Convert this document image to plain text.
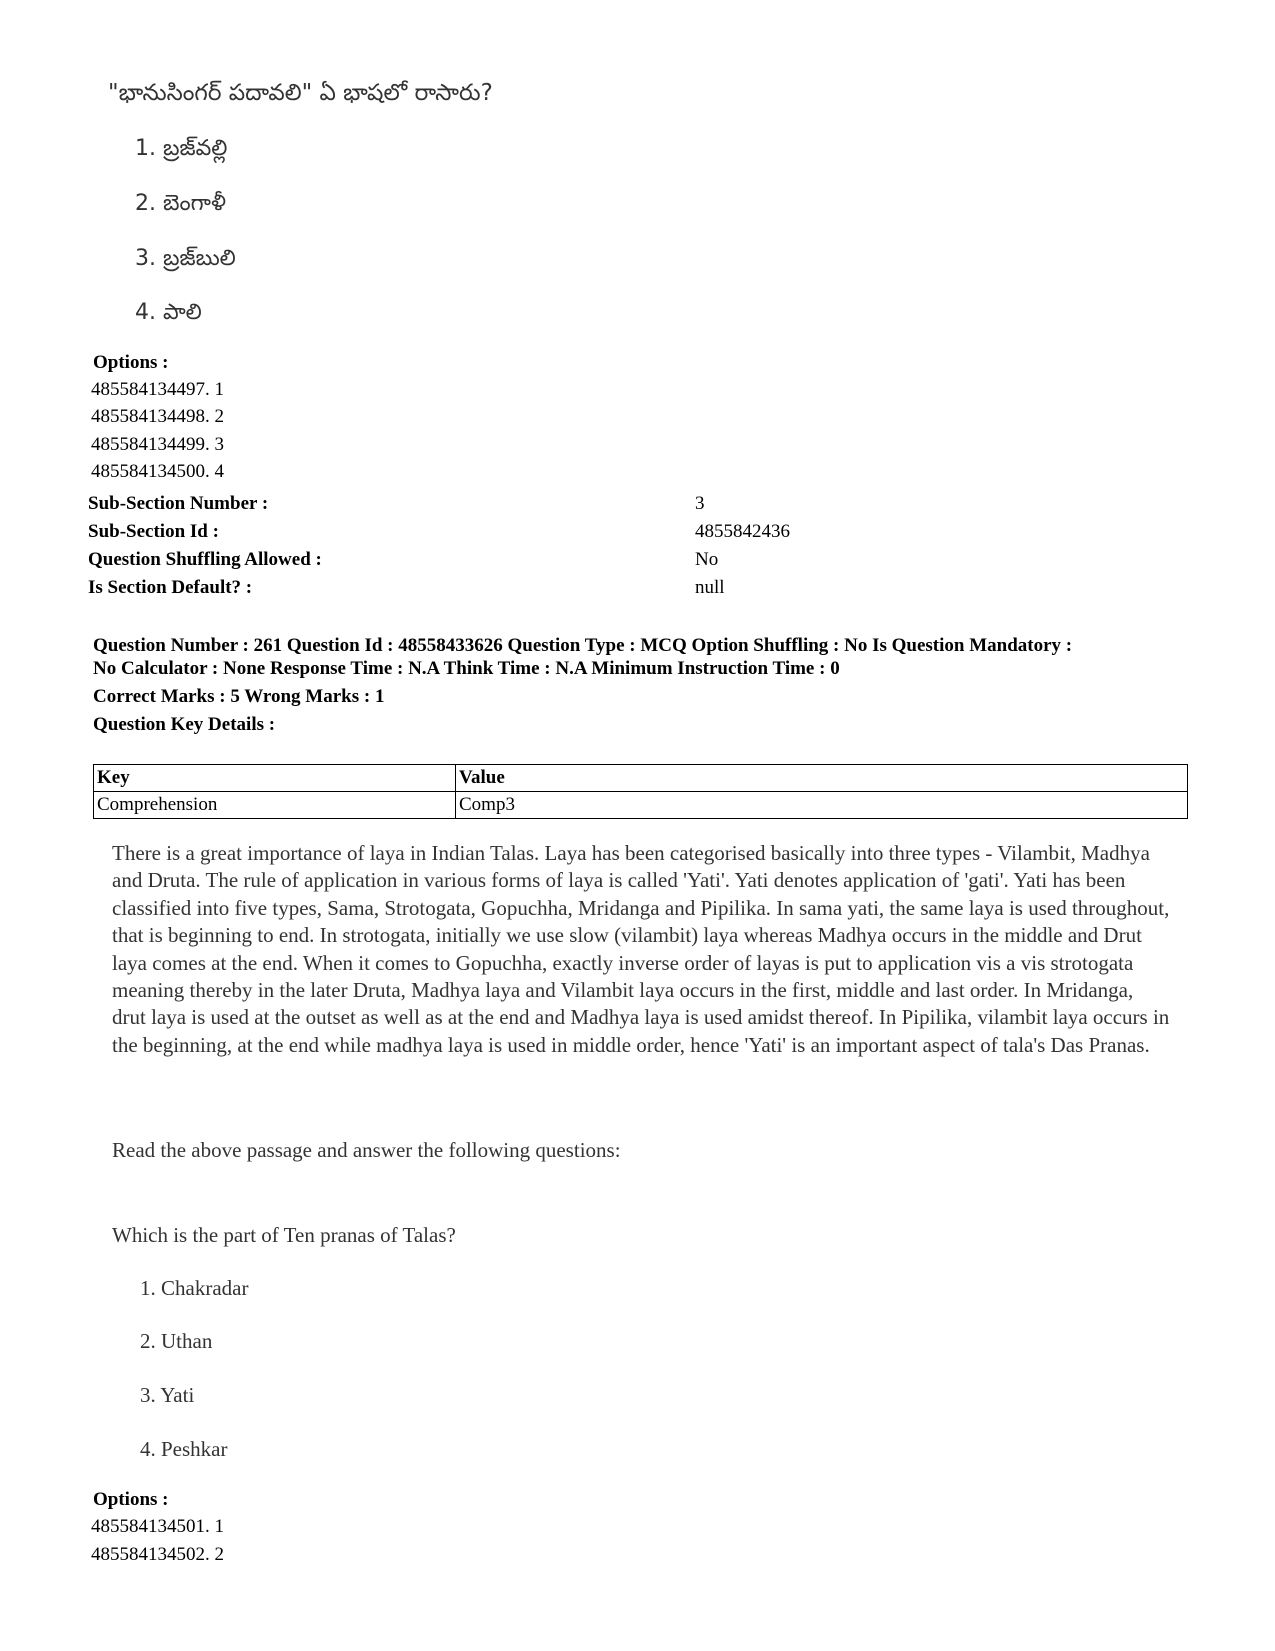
"భానుసింగర్ పదావలి" ఏ భాషలో రాసారు?
1. బ్రజ్‌వల్లి
2. బెంగాళీ
3. బ్రజ్‌బులి
4. పాలి
Options :
485584134497. 1
485584134498. 2
485584134499. 3
485584134500. 4
Sub-Section Number :	3
Sub-Section Id :	4855842436
Question Shuffling Allowed :	No
Is Section Default? :	null
Question Number : 261 Question Id : 48558433626 Question Type : MCQ Option Shuffling : No Is Question Mandatory :
No Calculator : None Response Time : N.A Think Time : N.A Minimum Instruction Time : 0
Correct Marks : 5 Wrong Marks : 1
Question Key Details :
Key	Value
Comprehension	Comp3
There is a great importance of laya in Indian Talas. Laya has been categorised basically into three types - Vilambit, Madhya and Druta. The rule of application in various forms of laya is called 'Yati'. Yati denotes application of 'gati'. Yati has been classified into five types, Sama, Strotogata, Gopuchha, Mridanga and Pipilika. In sama yati, the same laya is used throughout, that is beginning to end. In strotogata, initially we use slow (vilambit) laya whereas Madhya occurs in the middle and Drut laya comes at the end. When it comes to Gopuchha, exactly inverse order of layas is put to application vis a vis strotogata meaning thereby in the later Druta, Madhya laya and Vilambit laya occurs in the first, middle and last order. In Mridanga, drut laya is used at the outset as well as at the end and Madhya laya is used amidst thereof. In Pipilika, vilambit laya occurs in the beginning, at the end while madhya laya is used in middle order, hence 'Yati' is an important aspect of tala's Das Pranas.
Read the above passage and answer the following questions:
Which is the part of Ten pranas of Talas?
1. Chakradar
2. Uthan
3. Yati
4. Peshkar
Options :
485584134501. 1
485584134502. 2
